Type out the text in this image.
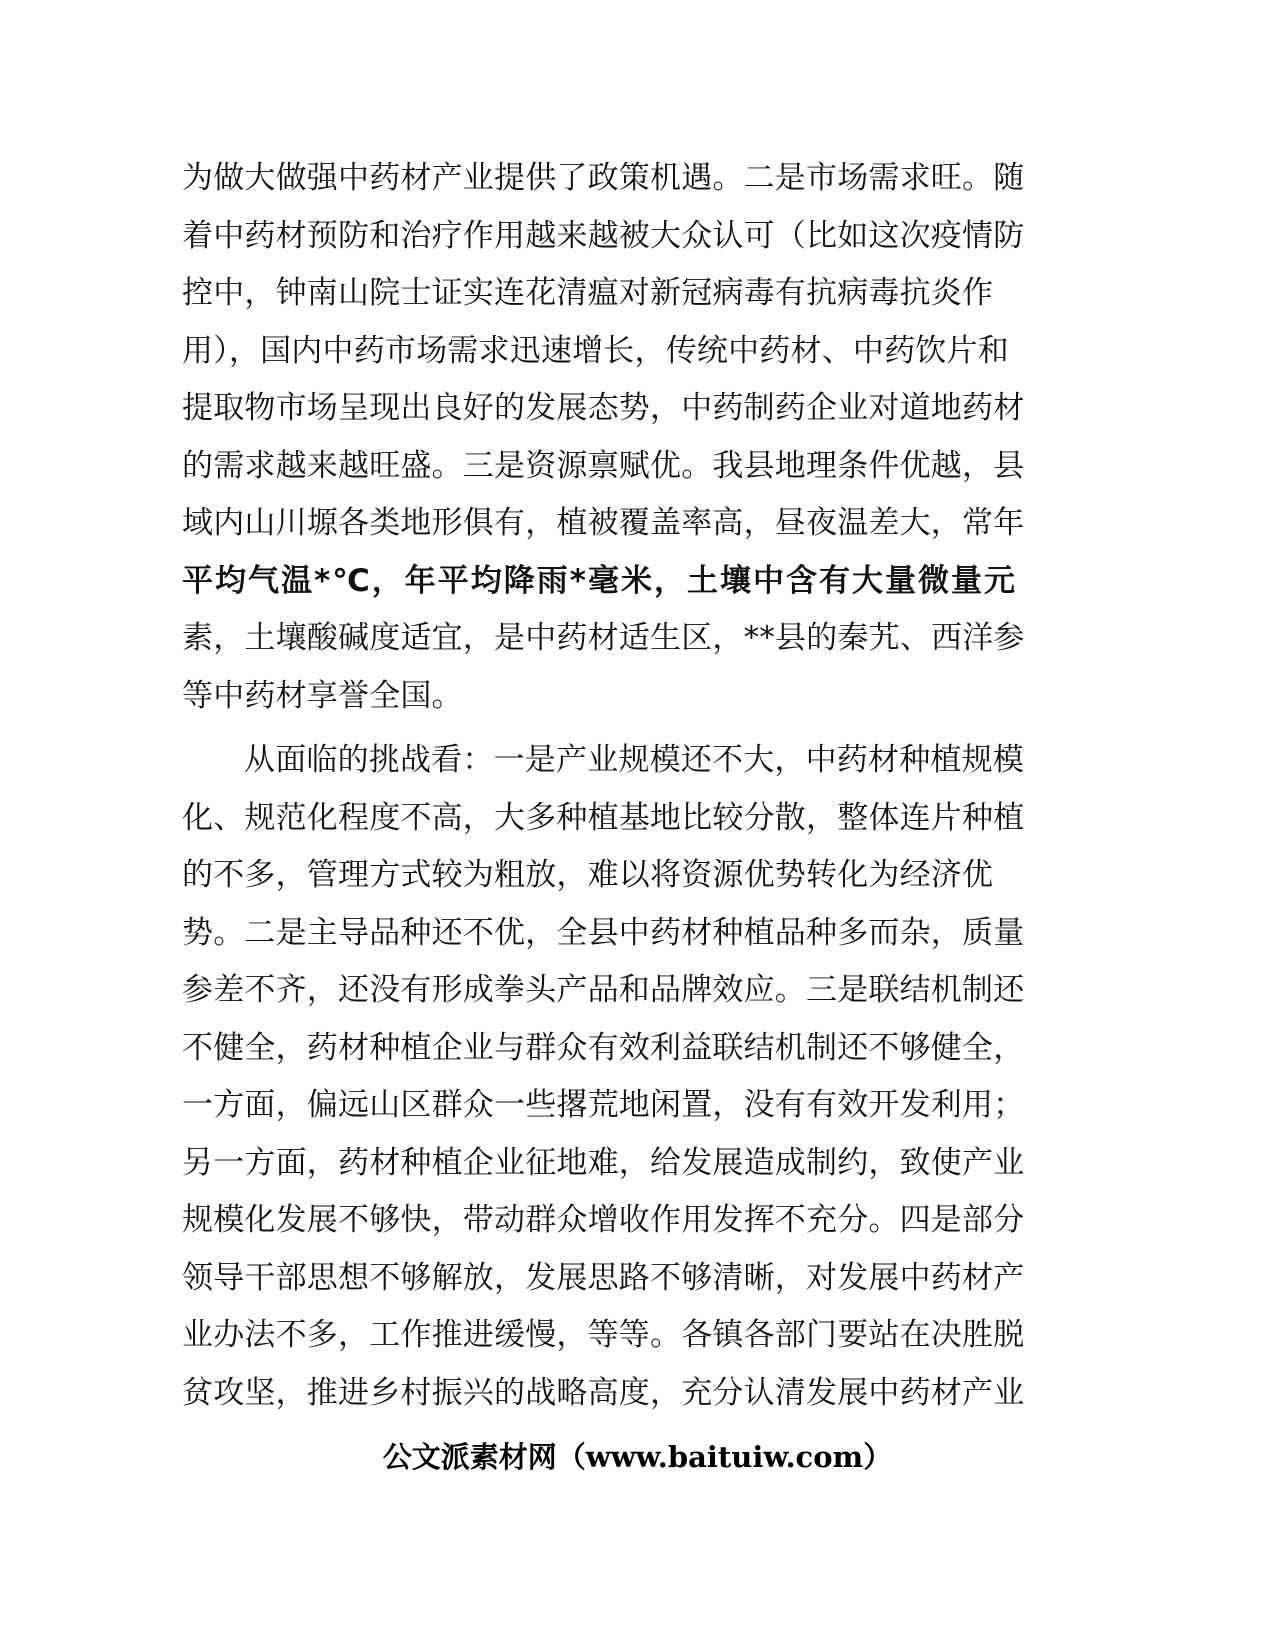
为做大做强中药材产业提供了政策机遇。二是市场需求旺。随
着中药材预防和治疗作用越来越被大众认可（比如这次疫情防
控中，钟南山院士证实连花清瘟对新冠病毒有抗病毒抗炎作
用），国内中药市场需求迅速增长，传统中药材、中药饮片和
提取物市场呈现出良好的发展态势，中药制药企业对道地药材
的需求越来越旺盛。三是资源禀赋优。我县地理条件优越，县
域内山川塬各类地形俱有，植被覆盖率高，昼夜温差大，常年
平均气温*℃，年平均降雨*毫米，土壤中含有大量微量元
素，土壤酸碱度适宜，是中药材适生区，**县的秦艽、西洋参
等中药材享誉全国。
从面临的挑战看：一是产业规模还不大，中药材种植规模
化、规范化程度不高，大多种植基地比较分散，整体连片种植
的不多，管理方式较为粗放，难以将资源优势转化为经济优
势。二是主导品种还不优，全县中药材种植品种多而杂，质量
参差不齐，还没有形成拳头产品和品牌效应。三是联结机制还
不健全，药材种植企业与群众有效利益联结机制还不够健全，
一方面，偏远山区群众一些撂荒地闲置，没有有效开发利用；
另一方面，药材种植企业征地难，给发展造成制约，致使产业
规模化发展不够快，带动群众增收作用发挥不充分。四是部分
领导干部思想不够解放，发展思路不够清晰，对发展中药材产
业办法不多，工作推进缓慢，等等。各镇各部门要站在决胜脱
贫攻坚，推进乡村振兴的战略高度，充分认清发展中药材产业
公文派素材网（www.baituiw.com）
